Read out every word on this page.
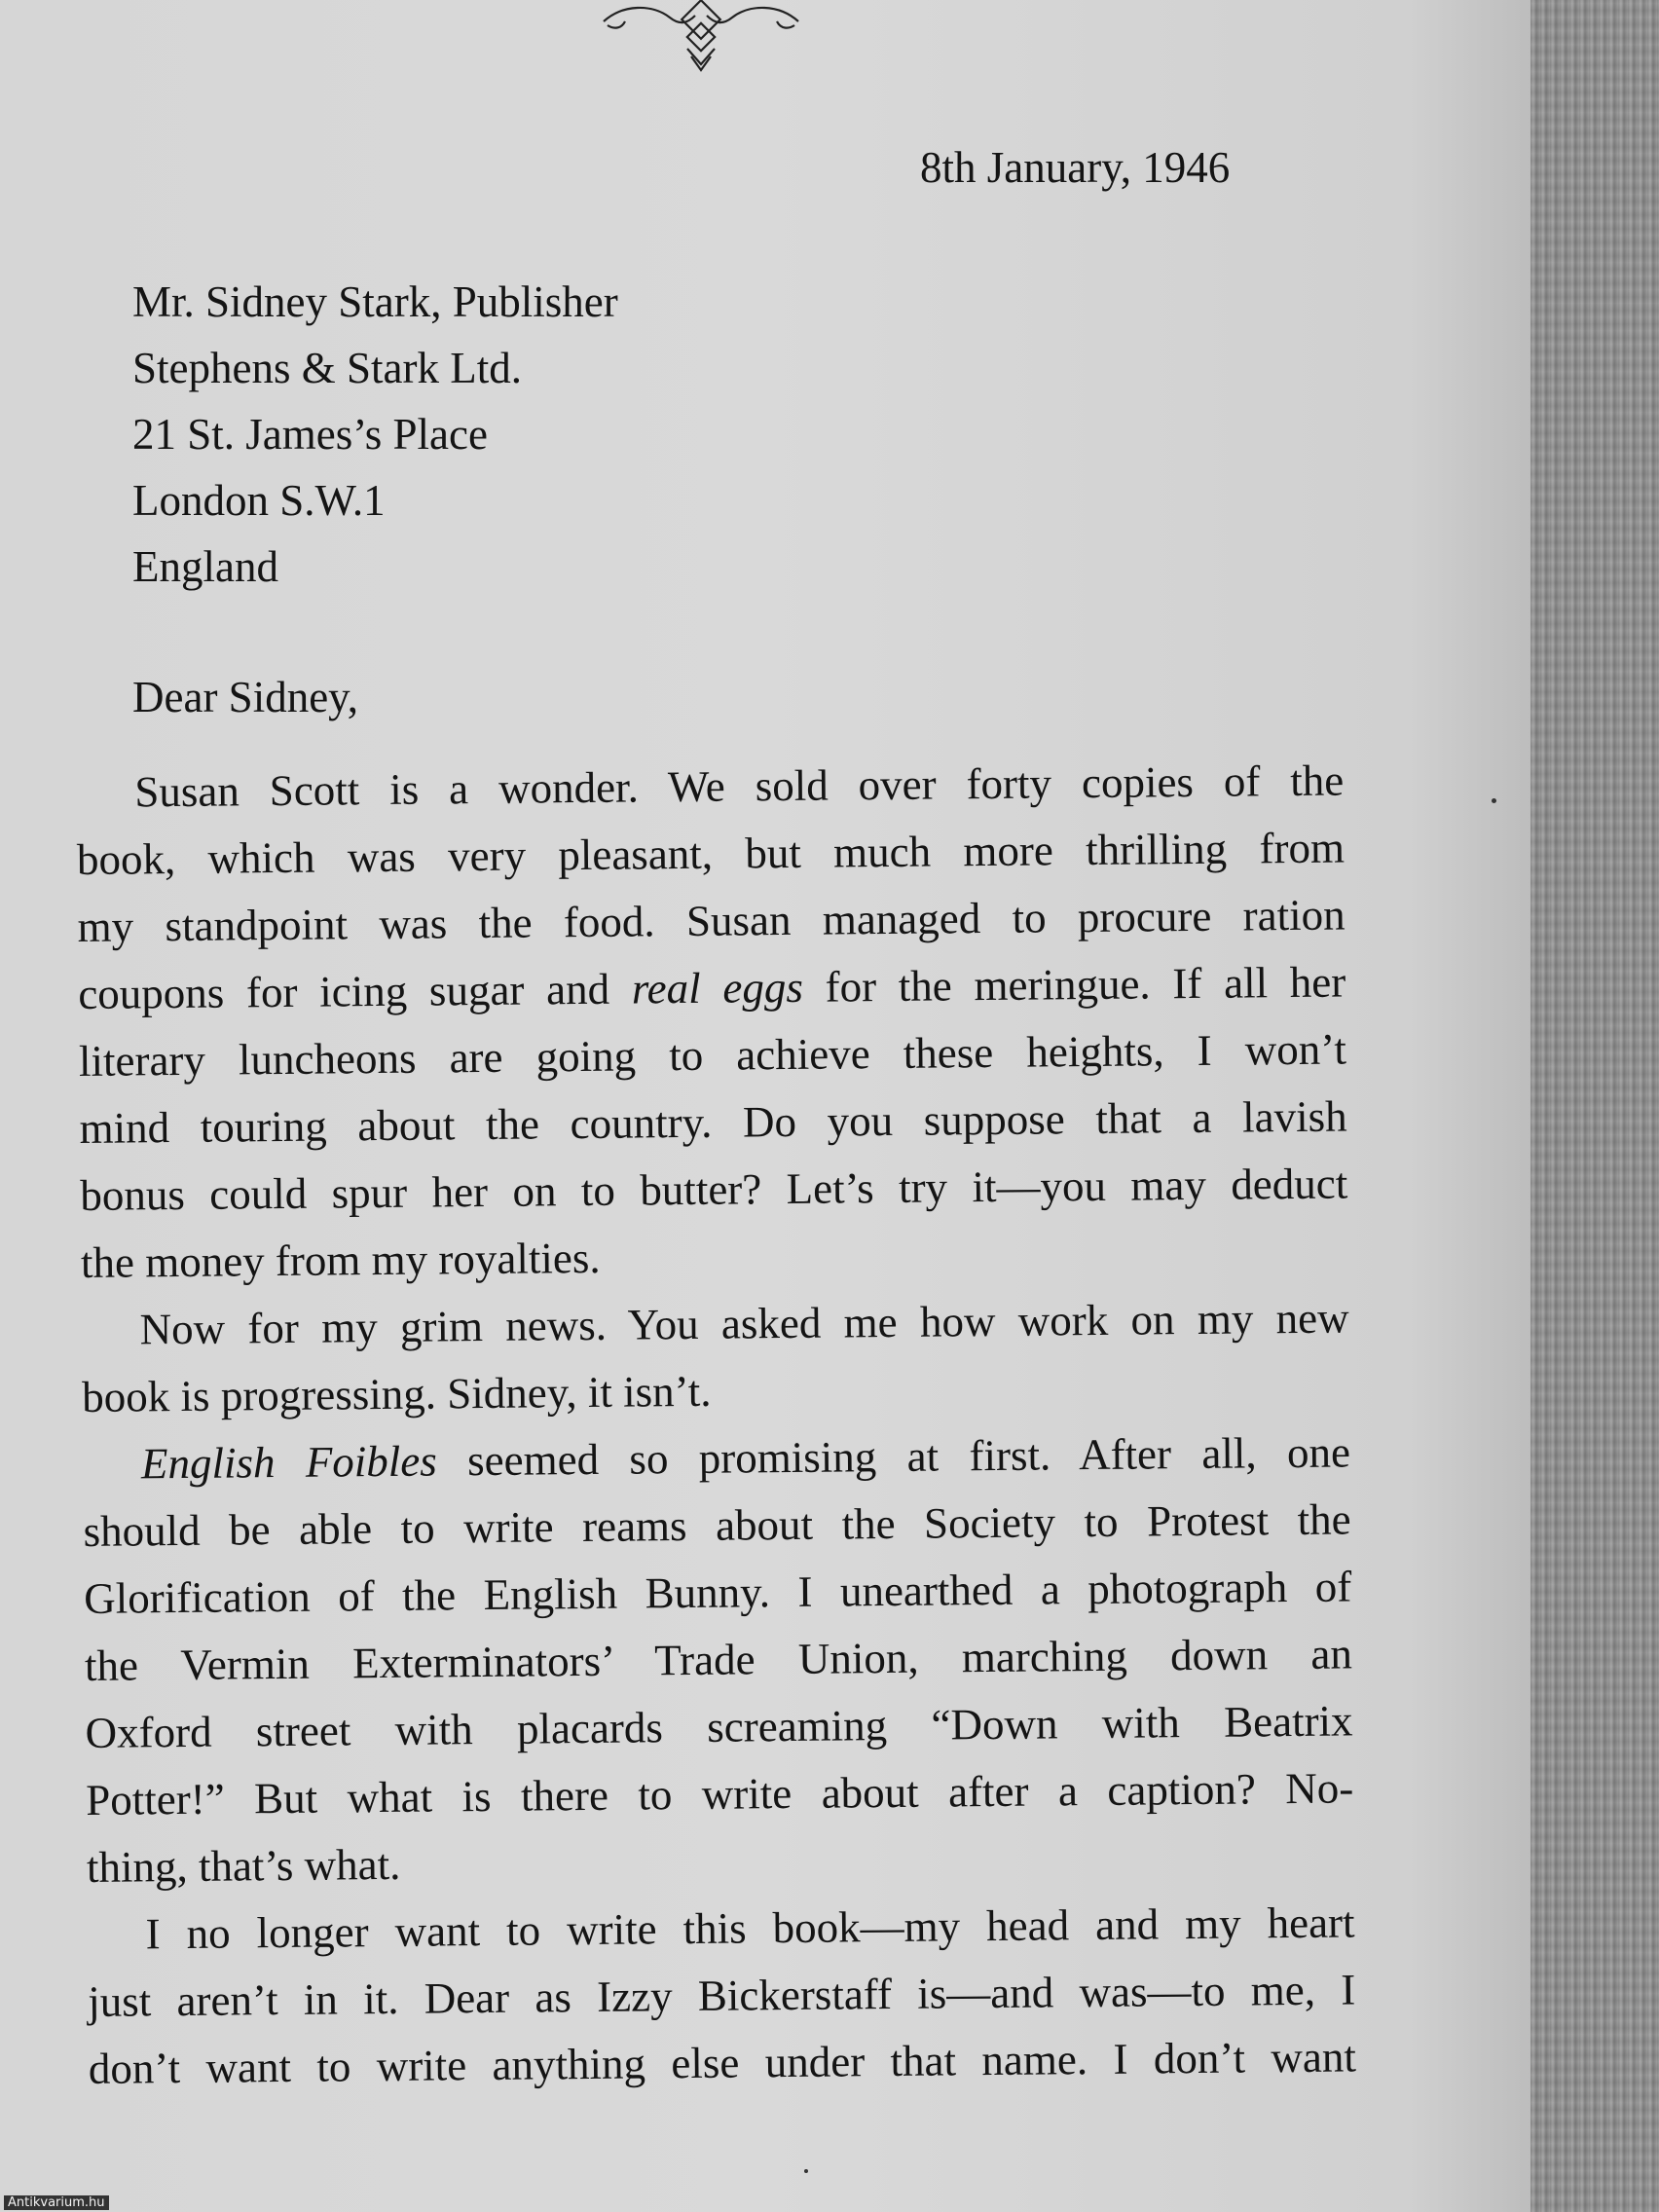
8th January, 1946
Mr. Sidney Stark, Publisher
Stephens & Stark Ltd.
21 St. James’s Place
London S.W.1
England
Dear Sidney,
Susan Scott is a wonder. We sold over forty copies of the
book, which was very pleasant, but much more thrilling from
my standpoint was the food. Susan managed to procure ration
coupons for icing sugar and real eggs for the meringue. If all her
literary luncheons are going to achieve these heights, I won’t
mind touring about the country. Do you suppose that a lavish
bonus could spur her on to butter? Let’s try it—you may deduct
the money from my royalties.
Now for my grim news. You asked me how work on my new
book is progressing. Sidney, it isn’t.
English Foibles seemed so promising at first. After all, one
should be able to write reams about the Society to Protest the
Glorification of the English Bunny. I unearthed a photograph of
the Vermin Exterminators’ Trade Union, marching down an
Oxford street with placards screaming “Down with Beatrix
Potter!” But what is there to write about after a caption? No-
thing, that’s what.
I no longer want to write this book—my head and my heart
just aren’t in it. Dear as Izzy Bickerstaff is—and was—to me, I
don’t want to write anything else under that name. I don’t want
Antikvarium.hu
